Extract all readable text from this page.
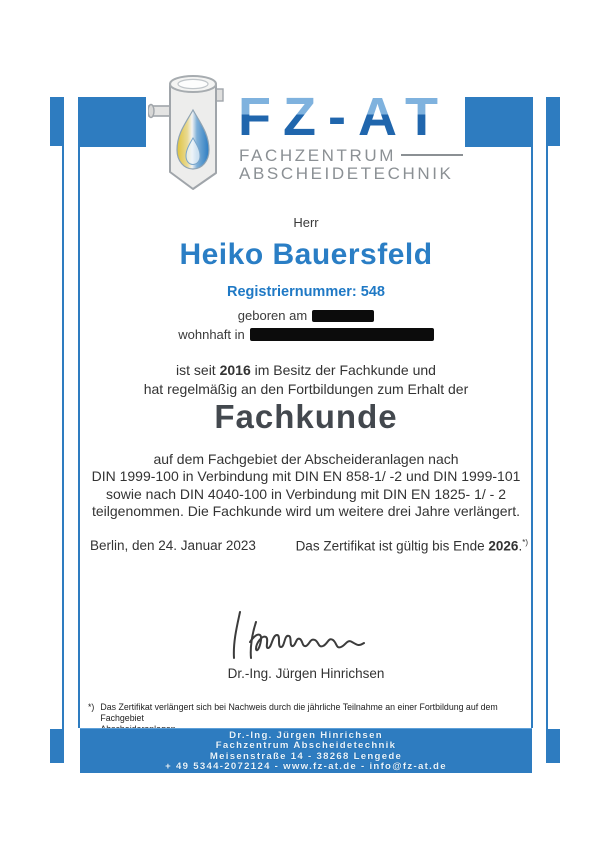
FZ-AT
FACHZENTRUM
ABSCHEIDETECHNIK
Herr
Heiko Bauersfeld
Registriernummer: 548
geboren am
wohnhaft in
ist seit 2016 im Besitz der Fachkunde und
hat regelmäßig an den Fortbildungen zum Erhalt der
Fachkunde
auf dem Fachgebiet der Abscheideranlagen nach
DIN 1999-100 in Verbindung mit DIN EN 858-1/ -2 und DIN 1999-101
sowie nach DIN 4040-100 in Verbindung mit DIN EN 1825- 1/ - 2
teilgenommen. Die Fachkunde wird um weitere drei Jahre verlängert.
Berlin, den 24. Januar 2023	Das Zertifikat ist gültig bis Ende 2026.*)
Dr.-Ing. Jürgen Hinrichsen
*) Das Zertifikat verlängert sich bei Nachweis durch die jährliche Teilnahme an einer Fortbildung auf dem Fachgebiet

Dr.-Ing. Jürgen Hinrichsen
Fachzentrum Abscheidetechnik
Meisenstraße 14 - 38268 Lengede
+ 49 5344-2072124 - www.fz-at.de - info@fz-at.de
